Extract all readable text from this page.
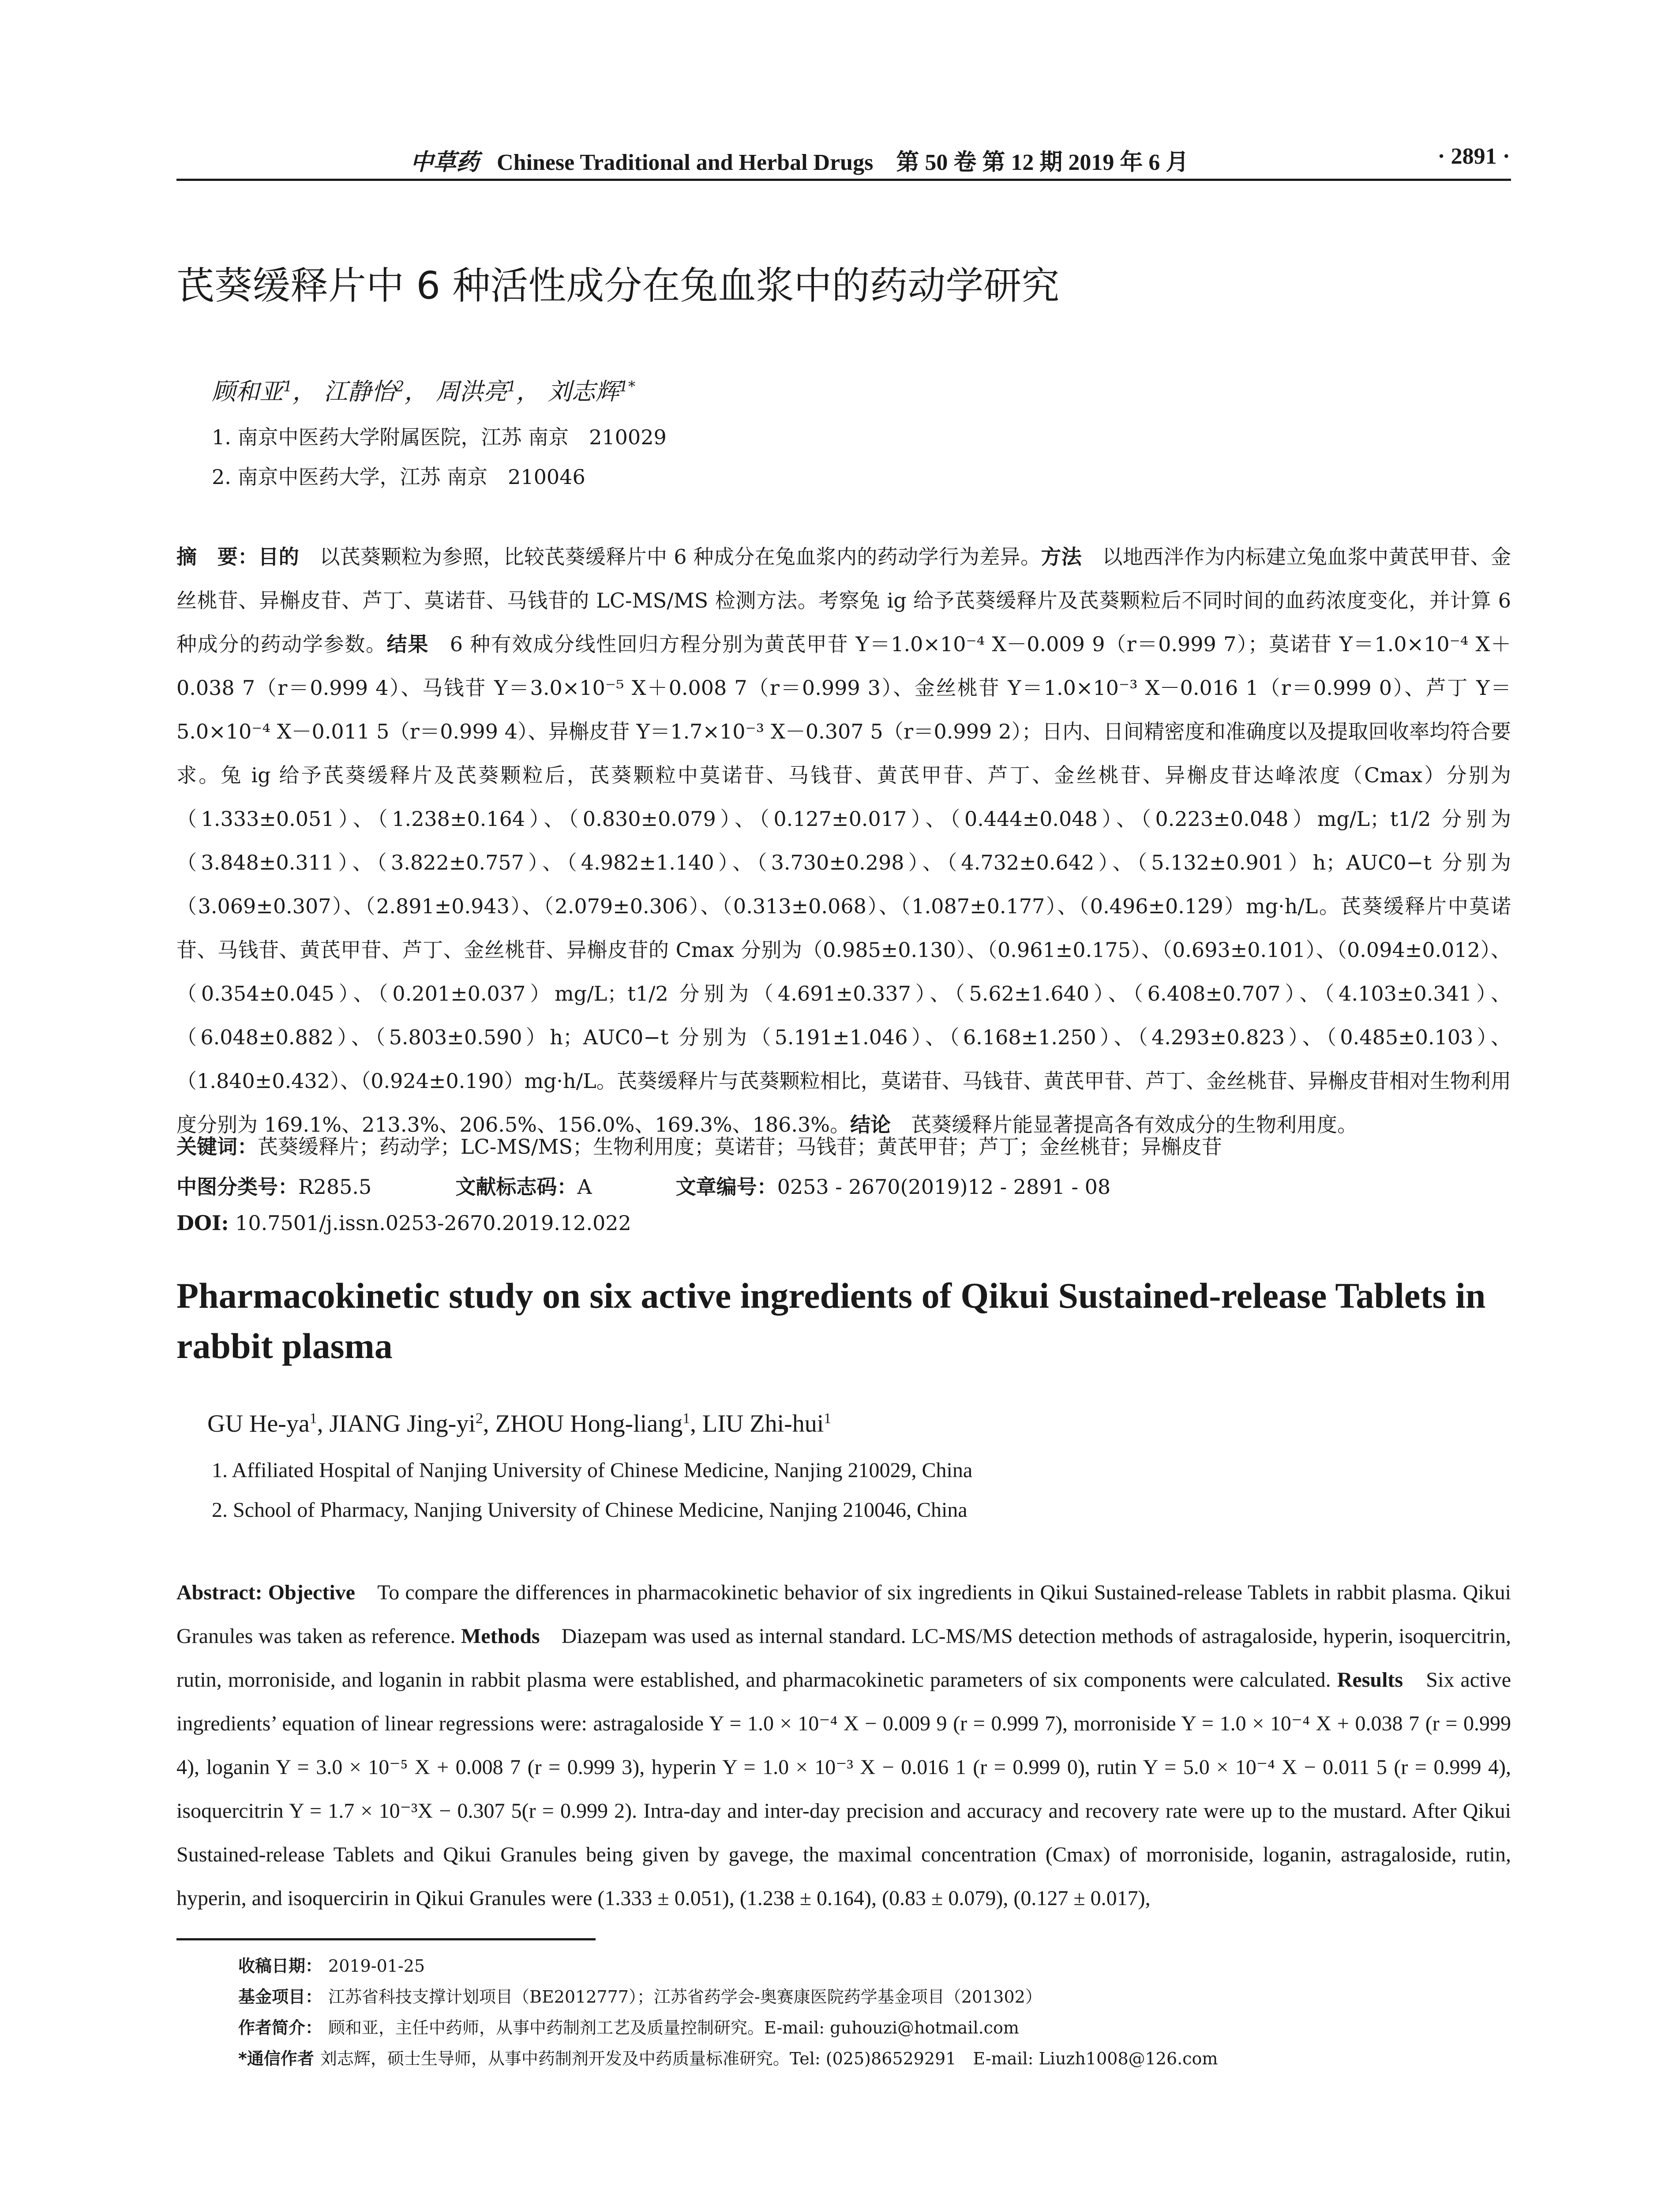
中草药 Chinese Traditional and Herbal Drugs　第 50 卷 第 12 期 2019 年 6 月	· 2891 ·
芪葵缓释片中 6 种活性成分在兔血浆中的药动学研究
顾和亚$^1$， 江静怡$^2$， 周洪亮$^1$， 刘志辉$^{1*}$
1. 南京中医药大学附属医院，江苏 南京　210029
2. 南京中医药大学，江苏 南京　210046
摘　要：目的　 以芪葵颗粒为参照，比较芪葵缓释片中 6 种成分在兔血浆内的药动学行为差异。方法　 以地西泮作为内标建立兔血浆中黄芪甲苷、金丝桃苷、异槲皮苷、芦丁、莫诺苷、马钱苷的 LC-MS/MS 检测方法。考察兔 ig 给予芪葵缓释片及芪葵颗粒后不同时间的血药浓度变化，并计算 6 种成分的药动学参数。结果　 6 种有效成分线性回归方程分别为黄芪甲苷 Y＝1.0×10⁻⁴ X－0.009 9（r＝0.999 7）；莫诺苷 Y＝1.0×10⁻⁴ X＋0.038 7（r＝0.999 4）、马钱苷 Y＝3.0×10⁻⁵ X＋0.008 7（r＝0.999 3）、金丝桃苷 Y＝1.0×10⁻³ X－0.016 1（r＝0.999 0）、芦丁 Y＝5.0×10⁻⁴ X－0.011 5（r＝0.999 4）、异槲皮苷 Y＝1.7×10⁻³ X－0.307 5（r＝0.999 2）；日内、日间精密度和准确度以及提取回收率均符合要求。兔 ig 给予芪葵缓释片及芪葵颗粒后，芪葵颗粒中莫诺苷、马钱苷、黄芪甲苷、芦丁、金丝桃苷、异槲皮苷达峰浓度（Cmax）分别为（1.333±0.051）、（1.238±0.164）、（0.830±0.079）、（0.127±0.017）、（0.444±0.048）、（0.223±0.048）mg/L；t1/2 分别为（3.848±0.311）、（3.822±0.757）、（4.982±1.140）、（3.730±0.298）、（4.732±0.642）、（5.132±0.901）h；AUC0−t 分别为（3.069±0.307）、（2.891±0.943）、（2.079±0.306）、（0.313±0.068）、（1.087±0.177）、（0.496±0.129）mg·h/L。芪葵缓释片中莫诺苷、马钱苷、黄芪甲苷、芦丁、金丝桃苷、异槲皮苷的 Cmax 分别为（0.985±0.130）、（0.961±0.175）、（0.693±0.101）、（0.094±0.012）、（0.354±0.045）、（0.201±0.037）mg/L；t1/2 分别为（4.691±0.337）、（5.62±1.640）、（6.408±0.707）、（4.103±0.341）、（6.048±0.882）、（5.803±0.590）h；AUC0−t 分别为（5.191±1.046）、（6.168±1.250）、（4.293±0.823）、（0.485±0.103）、（1.840±0.432）、（0.924±0.190）mg·h/L。芪葵缓释片与芪葵颗粒相比，莫诺苷、马钱苷、黄芪甲苷、芦丁、金丝桃苷、异槲皮苷相对生物利用度分别为 169.1%、213.3%、206.5%、156.0%、169.3%、186.3%。结论　 芪葵缓释片能显著提高各有效成分的生物利用度。
关键词：芪葵缓释片；药动学；LC-MS/MS；生物利用度；莫诺苷；马钱苷；黄芪甲苷；芦丁；金丝桃苷；异槲皮苷
中图分类号：R285.5	文献标志码：A	文章编号：0253 - 2670(2019)12 - 2891 - 08
DOI: 10.7501/j.issn.0253-2670.2019.12.022
Pharmacokinetic study on six active ingredients of Qikui Sustained-release Tablets in rabbit plasma
GU $He-ya^1$, JIANG Jing-$yi^2$, ZHOU Hong-liang$^1$, LIU Zhi-hui$^1$
1. Affiliated Hospital of Nanjing University of Chinese Medicine, Nanjing 210029, China
2. School of Pharmacy, Nanjing University of Chinese Medicine, Nanjing 210046, China
Abstract: Objective　 To compare the differences in pharmacokinetic behavior of six ingredients in Qikui Sustained-release Tablets in rabbit plasma. Qikui Granules was taken as reference. Methods　 Diazepam was used as internal standard. LC-MS/MS detection methods of astragaloside, hyperin, isoquercitrin, rutin, morroniside, and loganin in rabbit plasma were established, and pharmacokinetic parameters of six components were calculated. Results　 Six active ingredients’ equation of linear regressions were: astragaloside Y = 1.0 × 10⁻⁴ X − 0.009 9 (r = 0.999 7), morroniside Y = 1.0 × 10⁻⁴ X + 0.038 7 (r = 0.999 4), loganin Y = 3.0 × 10⁻⁵ X + 0.008 7 (r = 0.999 3), hyperin Y = 1.0 × 10⁻³ X − 0.016 1 (r = 0.999 0), rutin Y = 5.0 × 10⁻⁴ X − 0.011 5 (r = 0.999 4), isoquercitrin Y = 1.7 × 10⁻³X − 0.307 5(r = 0.999 2). Intra-day and inter-day precision and accuracy and recovery rate were up to the mustard. After Qikui Sustained-release Tablets and Qikui Granules being given by gavege, the maximal concentration (Cmax) of morroniside, loganin, astragaloside, rutin, hyperin, and isoquercirin in Qikui Granules were (1.333 ± 0.051), (1.238 ± 0.164), (0.83 ± 0.079), (0.127 ± 0.017),
收稿日期： 2019-01-25
基金项目： 江苏省科技支撑计划项目（BE2012777）；江苏省药学会-奥赛康医院药学基金项目（201302）
作者简介： 顾和亚，主任中药师，从事中药制剂工艺及质量控制研究。E-mail: guhouzi@hotmail.com
*通信作者 刘志辉，硕士生导师，从事中药制剂开发及中药质量标准研究。Tel: (025)86529291　E-mail: Liuzh1008@126.com
